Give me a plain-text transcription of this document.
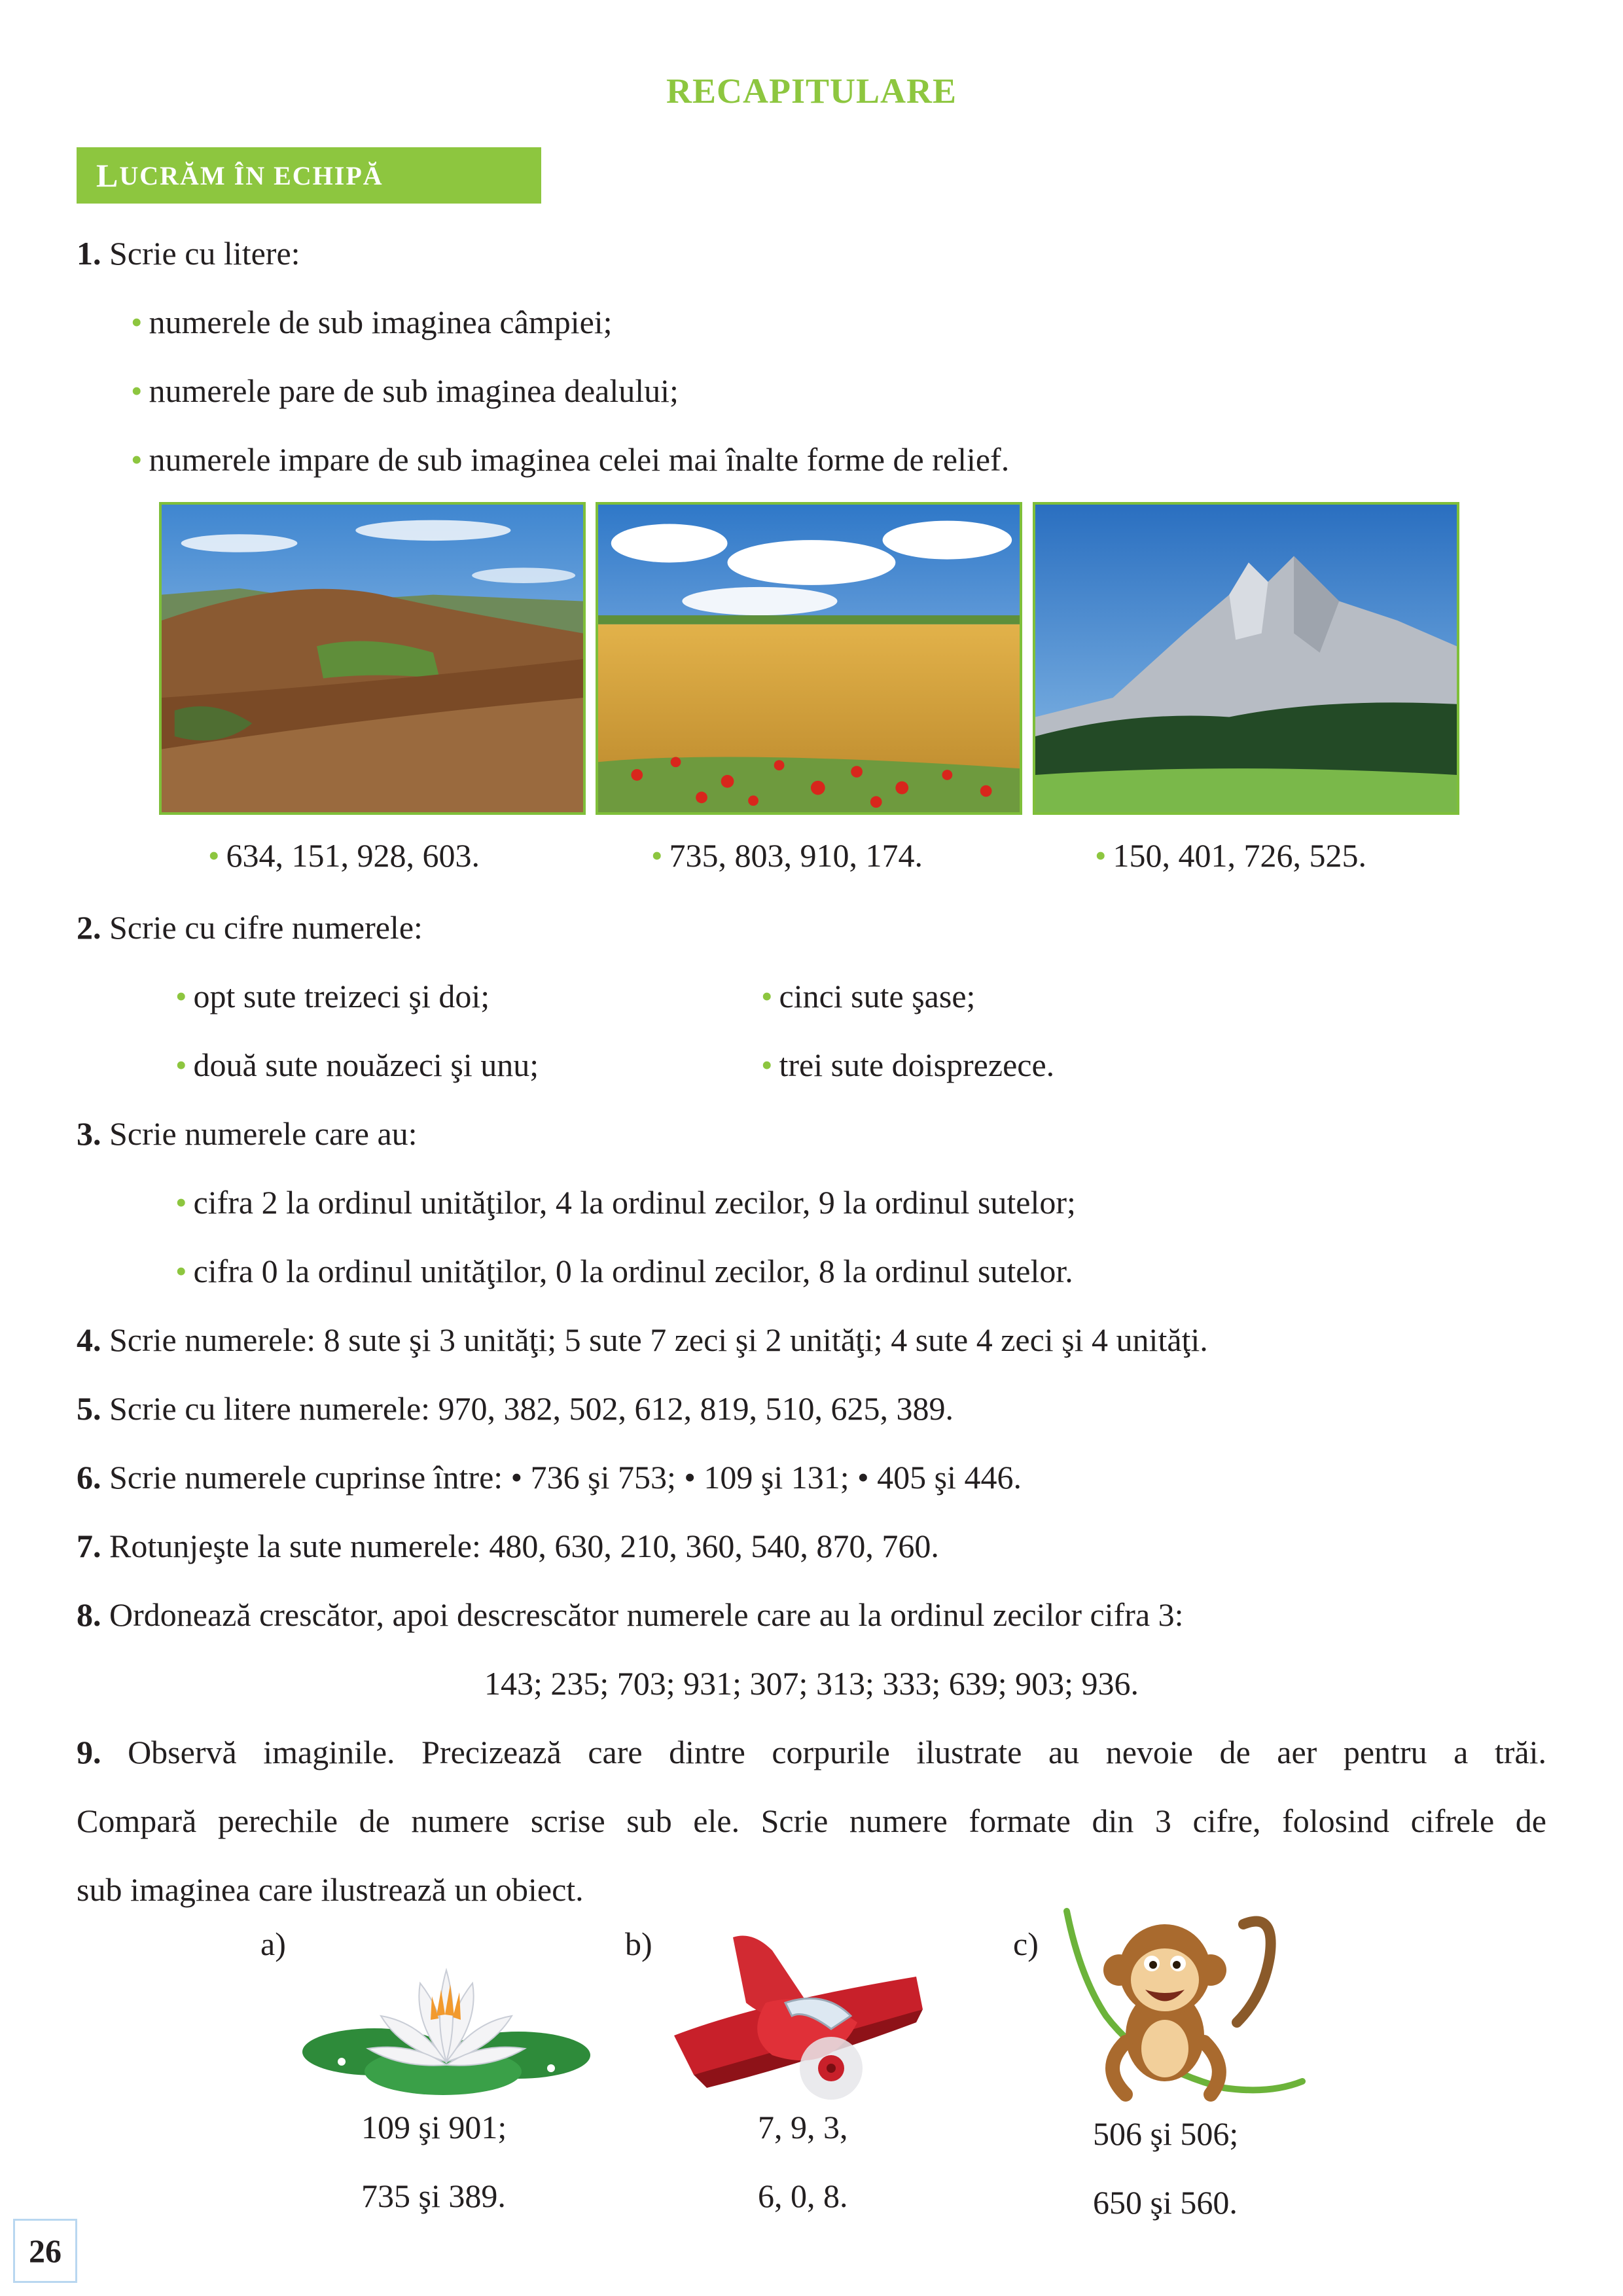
RECAPITULARE
L UCRĂM ÎN ECHIPĂ
1. Scrie cu litere:
• numerele de sub imaginea câmpiei;
• numerele pare de sub imaginea dealului;
• numerele impare de sub imaginea celei mai înalte forme de relief.
• 634, 151, 928, 603.	• 735, 803, 910, 174.	• 150, 401, 726, 525.
2. Scrie cu cifre numerele:
• opt sute treizeci şi doi;
• două sute nouăzeci şi unu;
• cinci sute şase;
• trei sute doisprezece.
3. Scrie numerele care au:
• cifra 2 la ordinul unităţilor, 4 la ordinul zecilor, 9 la ordinul sutelor;
• cifra 0 la ordinul unităţilor, 0 la ordinul zecilor, 8 la ordinul sutelor.
4. Scrie numerele: 8 sute şi 3 unităţi; 5 sute 7 zeci şi 2 unităţi; 4 sute 4 zeci şi 4 unităţi.
5. Scrie cu litere numerele: 970, 382, 502, 612, 819, 510, 625, 389.
6. Scrie numerele cuprinse între: • 736 şi 753; • 109 şi 131; • 405 şi 446.
7. Rotunjeşte la sute numerele: 480, 630, 210, 360, 540, 870, 760.
8. Ordonează crescător, apoi descrescător numerele care au la ordinul zecilor cifra 3:
143; 235; 703; 931; 307; 313; 333; 639; 903; 936.
9. Observă imaginile. Precizează care dintre corpurile ilustrate au nevoie de aer pentru a trăi.
Compară perechile de numere scrise sub ele. Scrie numere formate din 3 cifre, folosind cifrele de
sub imaginea care ilustrează un obiect.
a)
109 şi 901;
735 şi 389.
b)
7, 9, 3,
6, 0, 8.
c)
506 şi 506;
650 şi 560.
26
